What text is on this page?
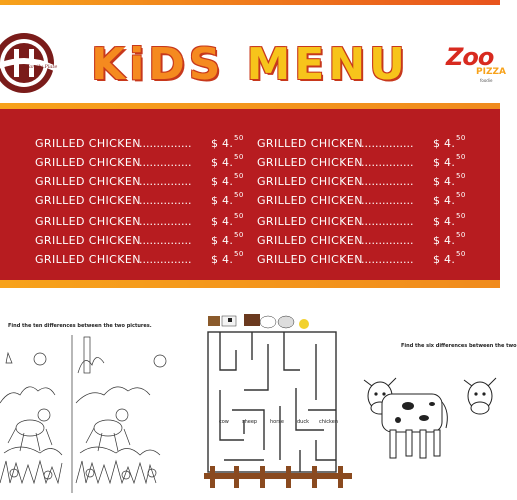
Family Plate KiDS MENU	Zoo
PIZZA
foodie
GRILLED CHICKEN
............... $ 4. 50
GRILLED CHICKEN
............... $ 4. 50
GRILLED CHICKEN
............... $ 4. 50
GRILLED CHICKEN
............... $ 4. 50
GRILLED CHICKEN
............... $ 4. 50
GRILLED CHICKEN
............... $ 4. 50
GRILLED CHICKEN
............... $ 4. 50
GRILLED CHICKEN
............... $ 4. 50
GRILLED CHICKEN
............... $ 4. 50
GRILLED CHICKEN
............... $ 4. 50
GRILLED CHICKEN
............... $ 4. 50
GRILLED CHICKEN
............... $ 4. 50
GRILLED CHICKEN
............... $ 4. 50
GRILLED CHICKEN
............... $ 4. 50
Find the ten differences between the two pictures.
cow	sheep	horse	duck chicken
Find the six differences between the two
